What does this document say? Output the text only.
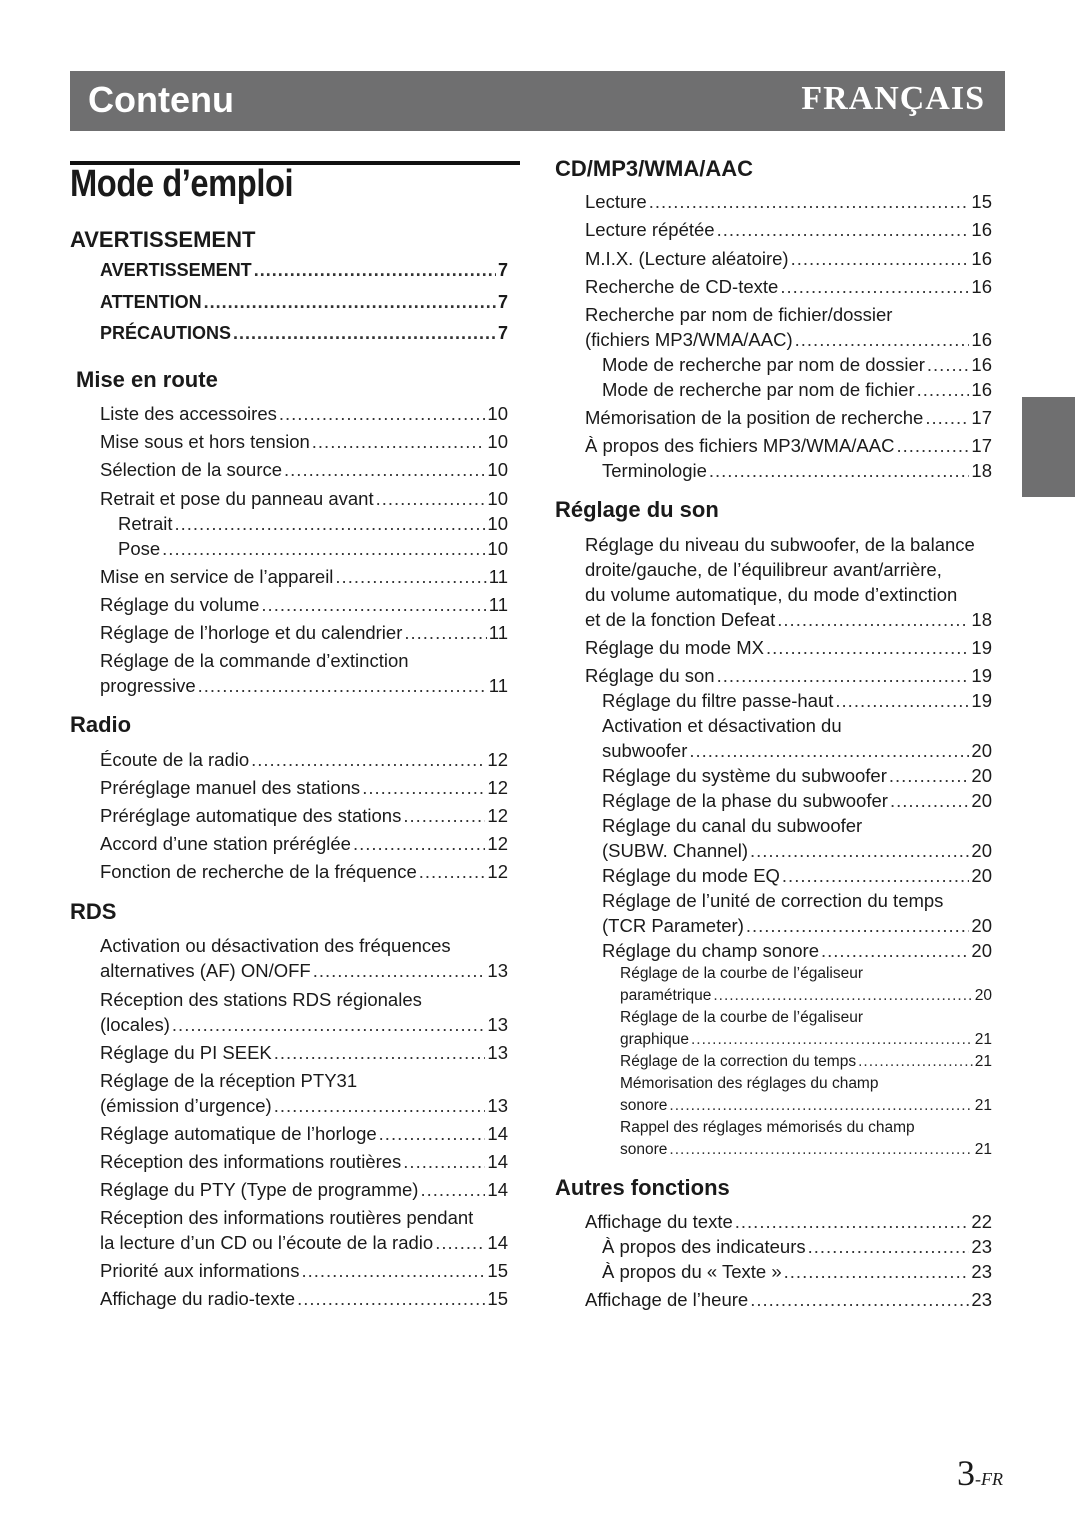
Contenu	FRANÇAIS
Mode d’emploi
AVERTISSEMENT
AVERTISSEMENT .....	7
ATTENTION .....	7
PRÉCAUTIONS .....	7
Mise en route
Liste des accessoires .....	10
Mise sous et hors tension .....	10
Sélection de la source .....	10
Retrait et pose du panneau avant .....	10
Retrait .....	10
Pose .....	10
Mise en service de l’appareil .....	11
Réglage du volume .....	11
Réglage de l’horloge et du calendrier .....	11
Réglage de la commande d’extinction
progressive .....	11
Radio
Écoute de la radio .....	12
Préréglage manuel des stations .....	12
Préréglage automatique des stations .....	12
Accord d’une station préréglée .....	12
Fonction de recherche de la fréquence .....	12
RDS
Activation ou désactivation des fréquences
alternatives (AF) ON/OFF .....	13
Réception des stations RDS régionales
(locales) .....	13
Réglage du PI SEEK .....	13
Réglage de la réception PTY31
(émission d’urgence) .....	13
Réglage automatique de l’horloge .....	14
Réception des informations routières .....	14
Réglage du PTY (Type de programme) .....	14
Réception des informations routières pendant
la lecture d’un CD ou l’écoute de la radio .....	14
Priorité aux informations .....	15
Affichage du radio-texte .....	15
CD/MP3/WMA/AAC
Lecture .....	15
Lecture répétée .....	16
M.I.X. (Lecture aléatoire) .....	16
Recherche de CD-texte .....	16
Recherche par nom de fichier/dossier
(fichiers MP3/WMA/AAC) .....	16
Mode de recherche par nom de dossier .....	16
Mode de recherche par nom de fichier .....	16
Mémorisation de la position de recherche .....	17
À propos des fichiers MP3/WMA/AAC .....	17
Terminologie .....	18
Réglage du son
Réglage du niveau du subwoofer, de la balance
droite/gauche, de l’équilibreur avant/arrière,
du volume automatique, du mode d’extinction
et de la fonction Defeat .....	18
Réglage du mode MX .....	19
Réglage du son .....	19
Réglage du filtre passe-haut .....	19
Activation et désactivation du
subwoofer .....	20
Réglage du système du subwoofer .....	20
Réglage de la phase du subwoofer .....	20
Réglage du canal du subwoofer
(SUBW. Channel) .....	20
Réglage du mode EQ .....	20
Réglage de l’unité de correction du temps
(TCR Parameter) .....	20
Réglage du champ sonore .....	20
Réglage de la courbe de l’égaliseur
paramétrique .....	20
Réglage de la courbe de l’égaliseur
graphique .....	21
Réglage de la correction du temps .....	21
Mémorisation des réglages du champ
sonore .....	21
Rappel des réglages mémorisés du champ
sonore .....	21
Autres fonctions
Affichage du texte .....	22
À propos des indicateurs .....	23
À propos du « Texte » .....	23
Affichage de l’heure .....	23
3-FR
